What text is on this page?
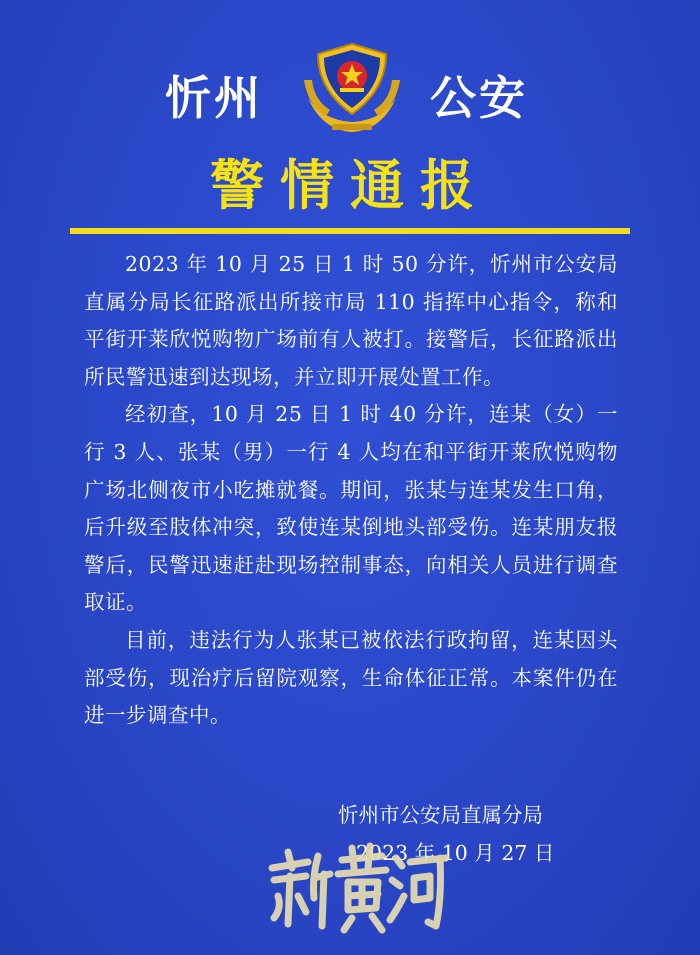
忻州	公安
警情通报

2023 年 10 月 25 日 1 时 50 分许，忻州市公安局直属分局长征路派出所接市局 110 指挥中心指令，称和平街开莱欣悦购物广场前有人被打。接警后，长征路派出所民警迅速到达现场，并立即开展处置工作。

经初查，10 月 25 日 1 时 40 分许，连某（女）一行 3 人、张某（男）一行 4 人均在和平街开莱欣悦购物广场北侧夜市小吃摊就餐。期间，张某与连某发生口角，后升级至肢体冲突，致使连某倒地头部受伤。连某朋友报警后，民警迅速赶赴现场控制事态，向相关人员进行调查取证。

目前，违法行为人张某已被依法行政拘留，连某因头部受伤，现治疗后留院观察，生命体征正常。本案件仍在进一步调查中。

忻州市公安局直属分局
2023 年 10 月 27 日
